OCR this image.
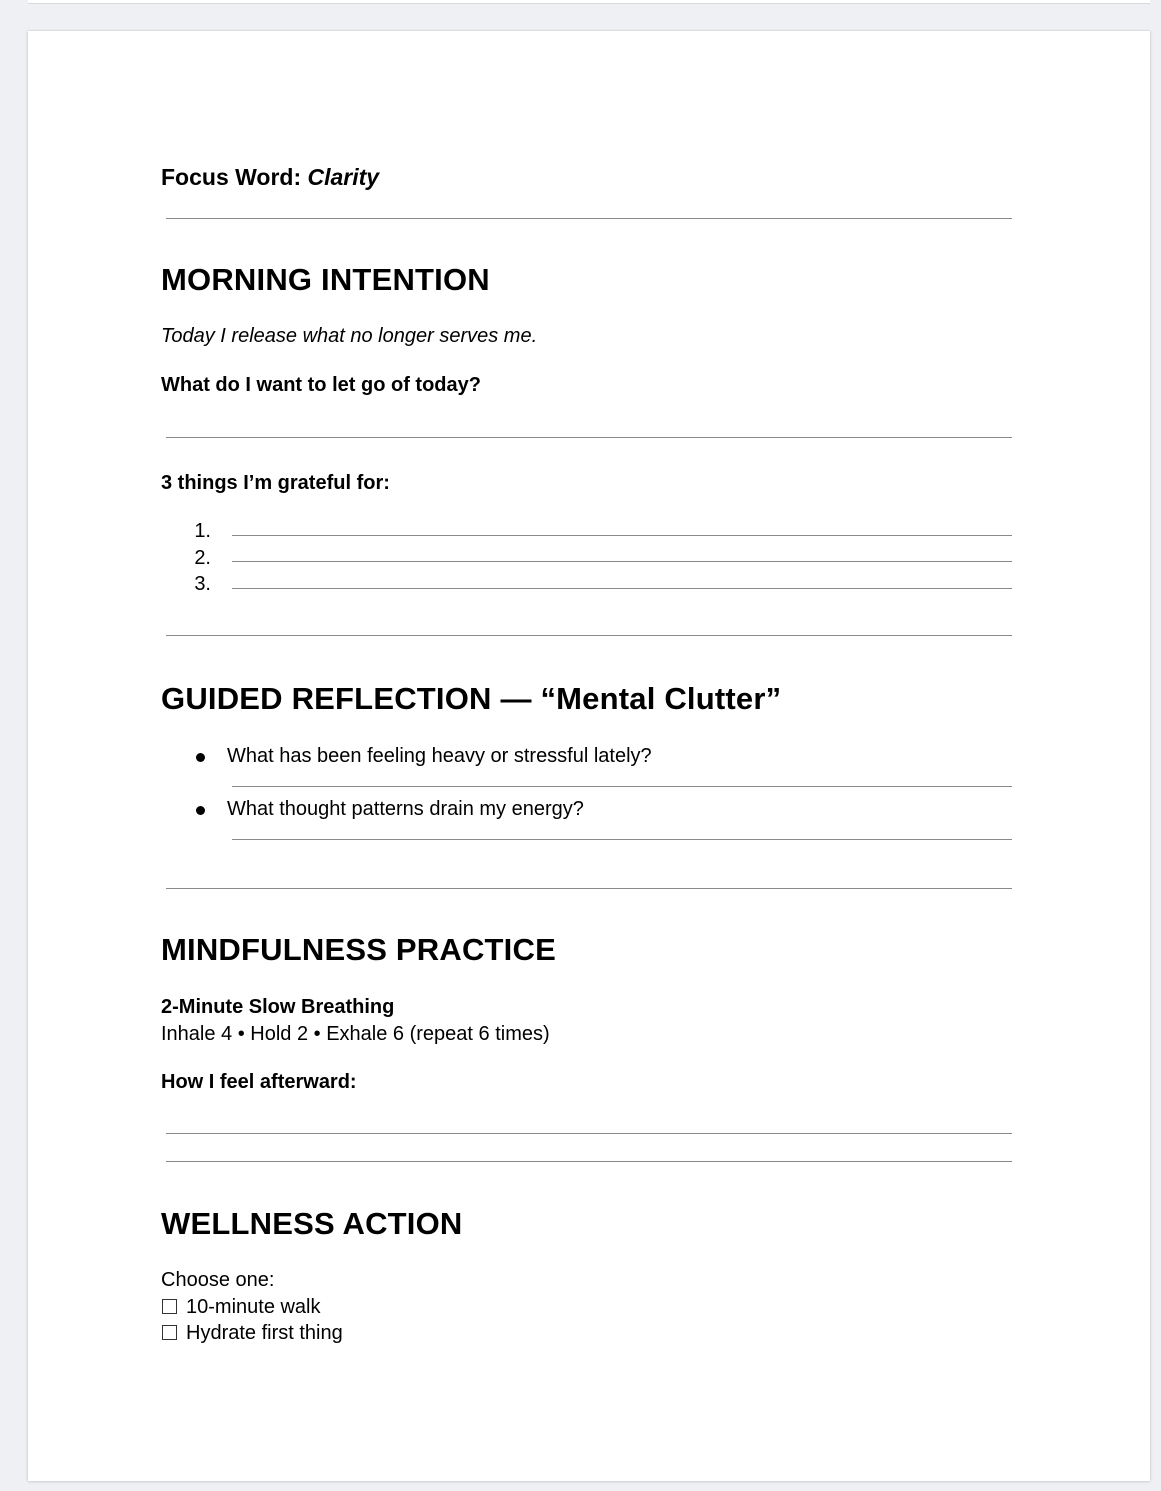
Focus Word: Clarity
MORNING INTENTION
Today I release what no longer serves me.
What do I want to let go of today?
3 things I’m grateful for:
1.
2.
3.
GUIDED REFLECTION — “Mental Clutter”
What has been feeling heavy or stressful lately?
What thought patterns drain my energy?
MINDFULNESS PRACTICE
2-Minute Slow Breathing
Inhale 4 • Hold 2 • Exhale 6 (repeat 6 times)
How I feel afterward:
WELLNESS ACTION
Choose one:
10-minute walk
Hydrate first thing
